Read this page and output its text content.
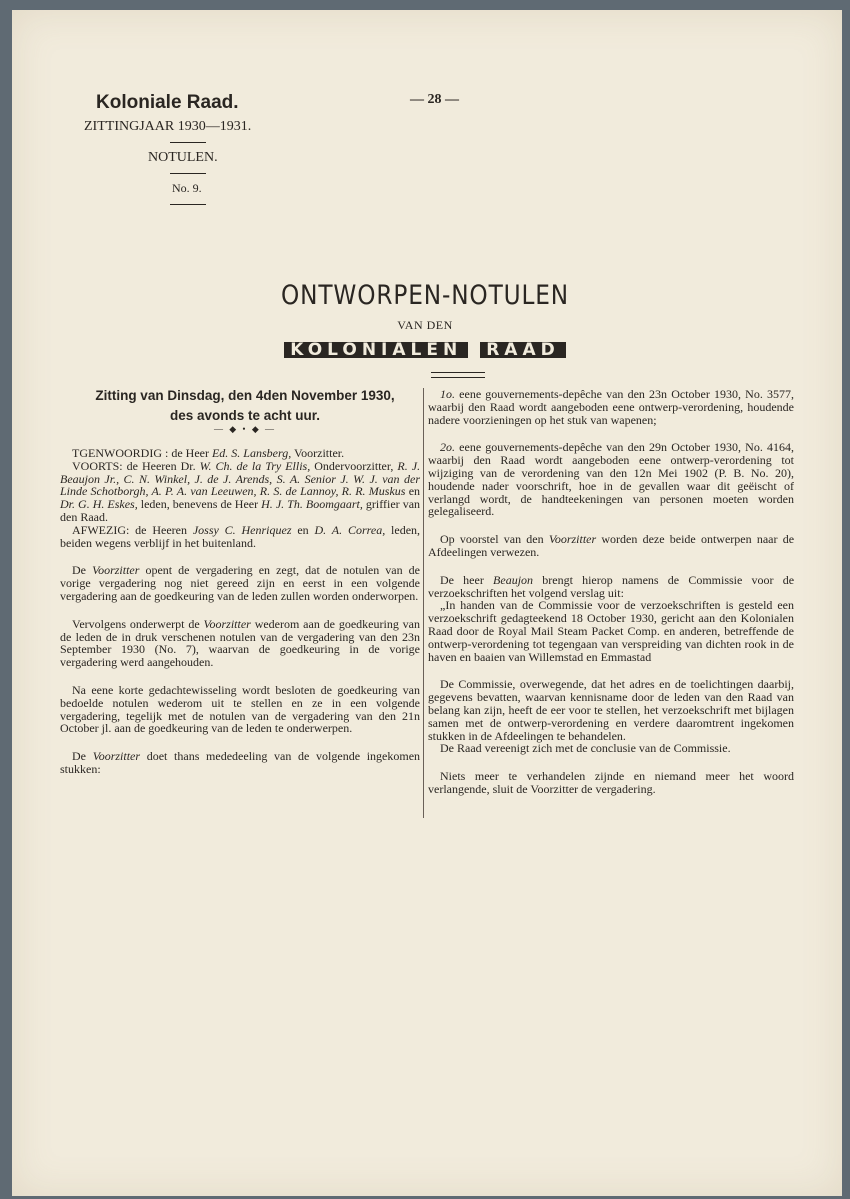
Koloniale Raad.
ZITTINGJAAR 1930—1931.
— 28 —
NOTULEN.
No. 9.
ONTWORPEN-NOTULEN
VAN DEN
KOLONIALEN RAAD
Zitting van Dinsdag, den 4den November 1930,
des avonds te acht uur.
— ◆ • ◆ —

TGENWOORDIG : de Heer Ed. S. Lansberg, Voorzitter.

VOORTS: de Heeren Dr. W. Ch. de la Try Ellis, Ondervoorzitter, R. J. Beaujon Jr., C. N. Winkel, J. de J. Arends, S. A. Senior J. W. J. van der Linde Schotborgh, A. P. A. van Leeuwen, R. S. de Lannoy, R. R. Muskus en Dr. G. H. Eskes, leden, benevens de Heer H. J. Th. Boomgaart, griffier van den Raad.

AFWEZIG: de Heeren Jossy C. Henriquez en D. A. Correa, leden, beiden wegens verblijf in het buitenland.

De Voorzitter opent de vergadering en zegt, dat de notulen van de vorige vergadering nog niet gereed zijn en eerst in een volgende vergadering aan de goedkeuring van de leden zullen worden onderworpen.

Vervolgens onderwerpt de Voorzitter wederom aan de goedkeuring van de leden de in druk verschenen notulen van de vergadering van den 23n September 1930 (No. 7), waarvan de goedkeuring in de vorige vergadering werd aangehouden.

Na eene korte gedachtewisseling wordt besloten de goedkeuring van bedoelde notulen wederom uit te stellen en ze in een volgende vergadering, tegelijk met de notulen van de vergadering van den 21n October jl. aan de goedkeuring van de leden te onderwerpen.

De Voorzitter doet thans mededeeling van de volgende ingekomen stukken:

1o. eene gouvernements-depêche van den 23n October 1930, No. 3577, waarbij den Raad wordt aangeboden eene ontwerp-verordening, houdende nadere voorzieningen op het stuk van wapenen;

2o. eene gouvernements-depêche van den 29n October 1930, No. 4164, waarbij den Raad wordt aangeboden eene ontwerp-verordening tot wijziging van de verordening van den 12n Mei 1902 (P. B. No. 20), houdende nader voorschrift, hoe in de gevallen waar dit geëischt of verlangd wordt, de handteekeningen van personen moeten worden gelegaliseerd.

Op voorstel van den Voorzitter worden deze beide ontwerpen naar de Afdeelingen verwezen.

De heer Beaujon brengt hierop namens de Commissie voor de verzoekschriften het volgend verslag uit:

„In handen van de Commissie voor de verzoekschriften is gesteld een verzoekschrift gedagteekend 18 October 1930, gericht aan den Kolonialen Raad door de Royal Mail Steam Packet Comp. en anderen, betreffende de ontwerp-verordening tot tegengaan van verspreiding van dichten rook in de haven en baaien van Willemstad en Emmastad

De Commissie, overwegende, dat het adres en de toelichtingen daarbij, gegevens bevatten, waarvan kennisname door de leden van den Raad van belang kan zijn, heeft de eer voor te stellen, het verzoekschrift met bijlagen samen met de ontwerp-verordening en verdere daaromtrent ingekomen stukken in de Afdeelingen te behandelen.

De Raad vereenigt zich met de conclusie van de Commissie.

Niets meer te verhandelen zijnde en niemand meer het woord verlangende, sluit de Voorzitter de vergadering.
